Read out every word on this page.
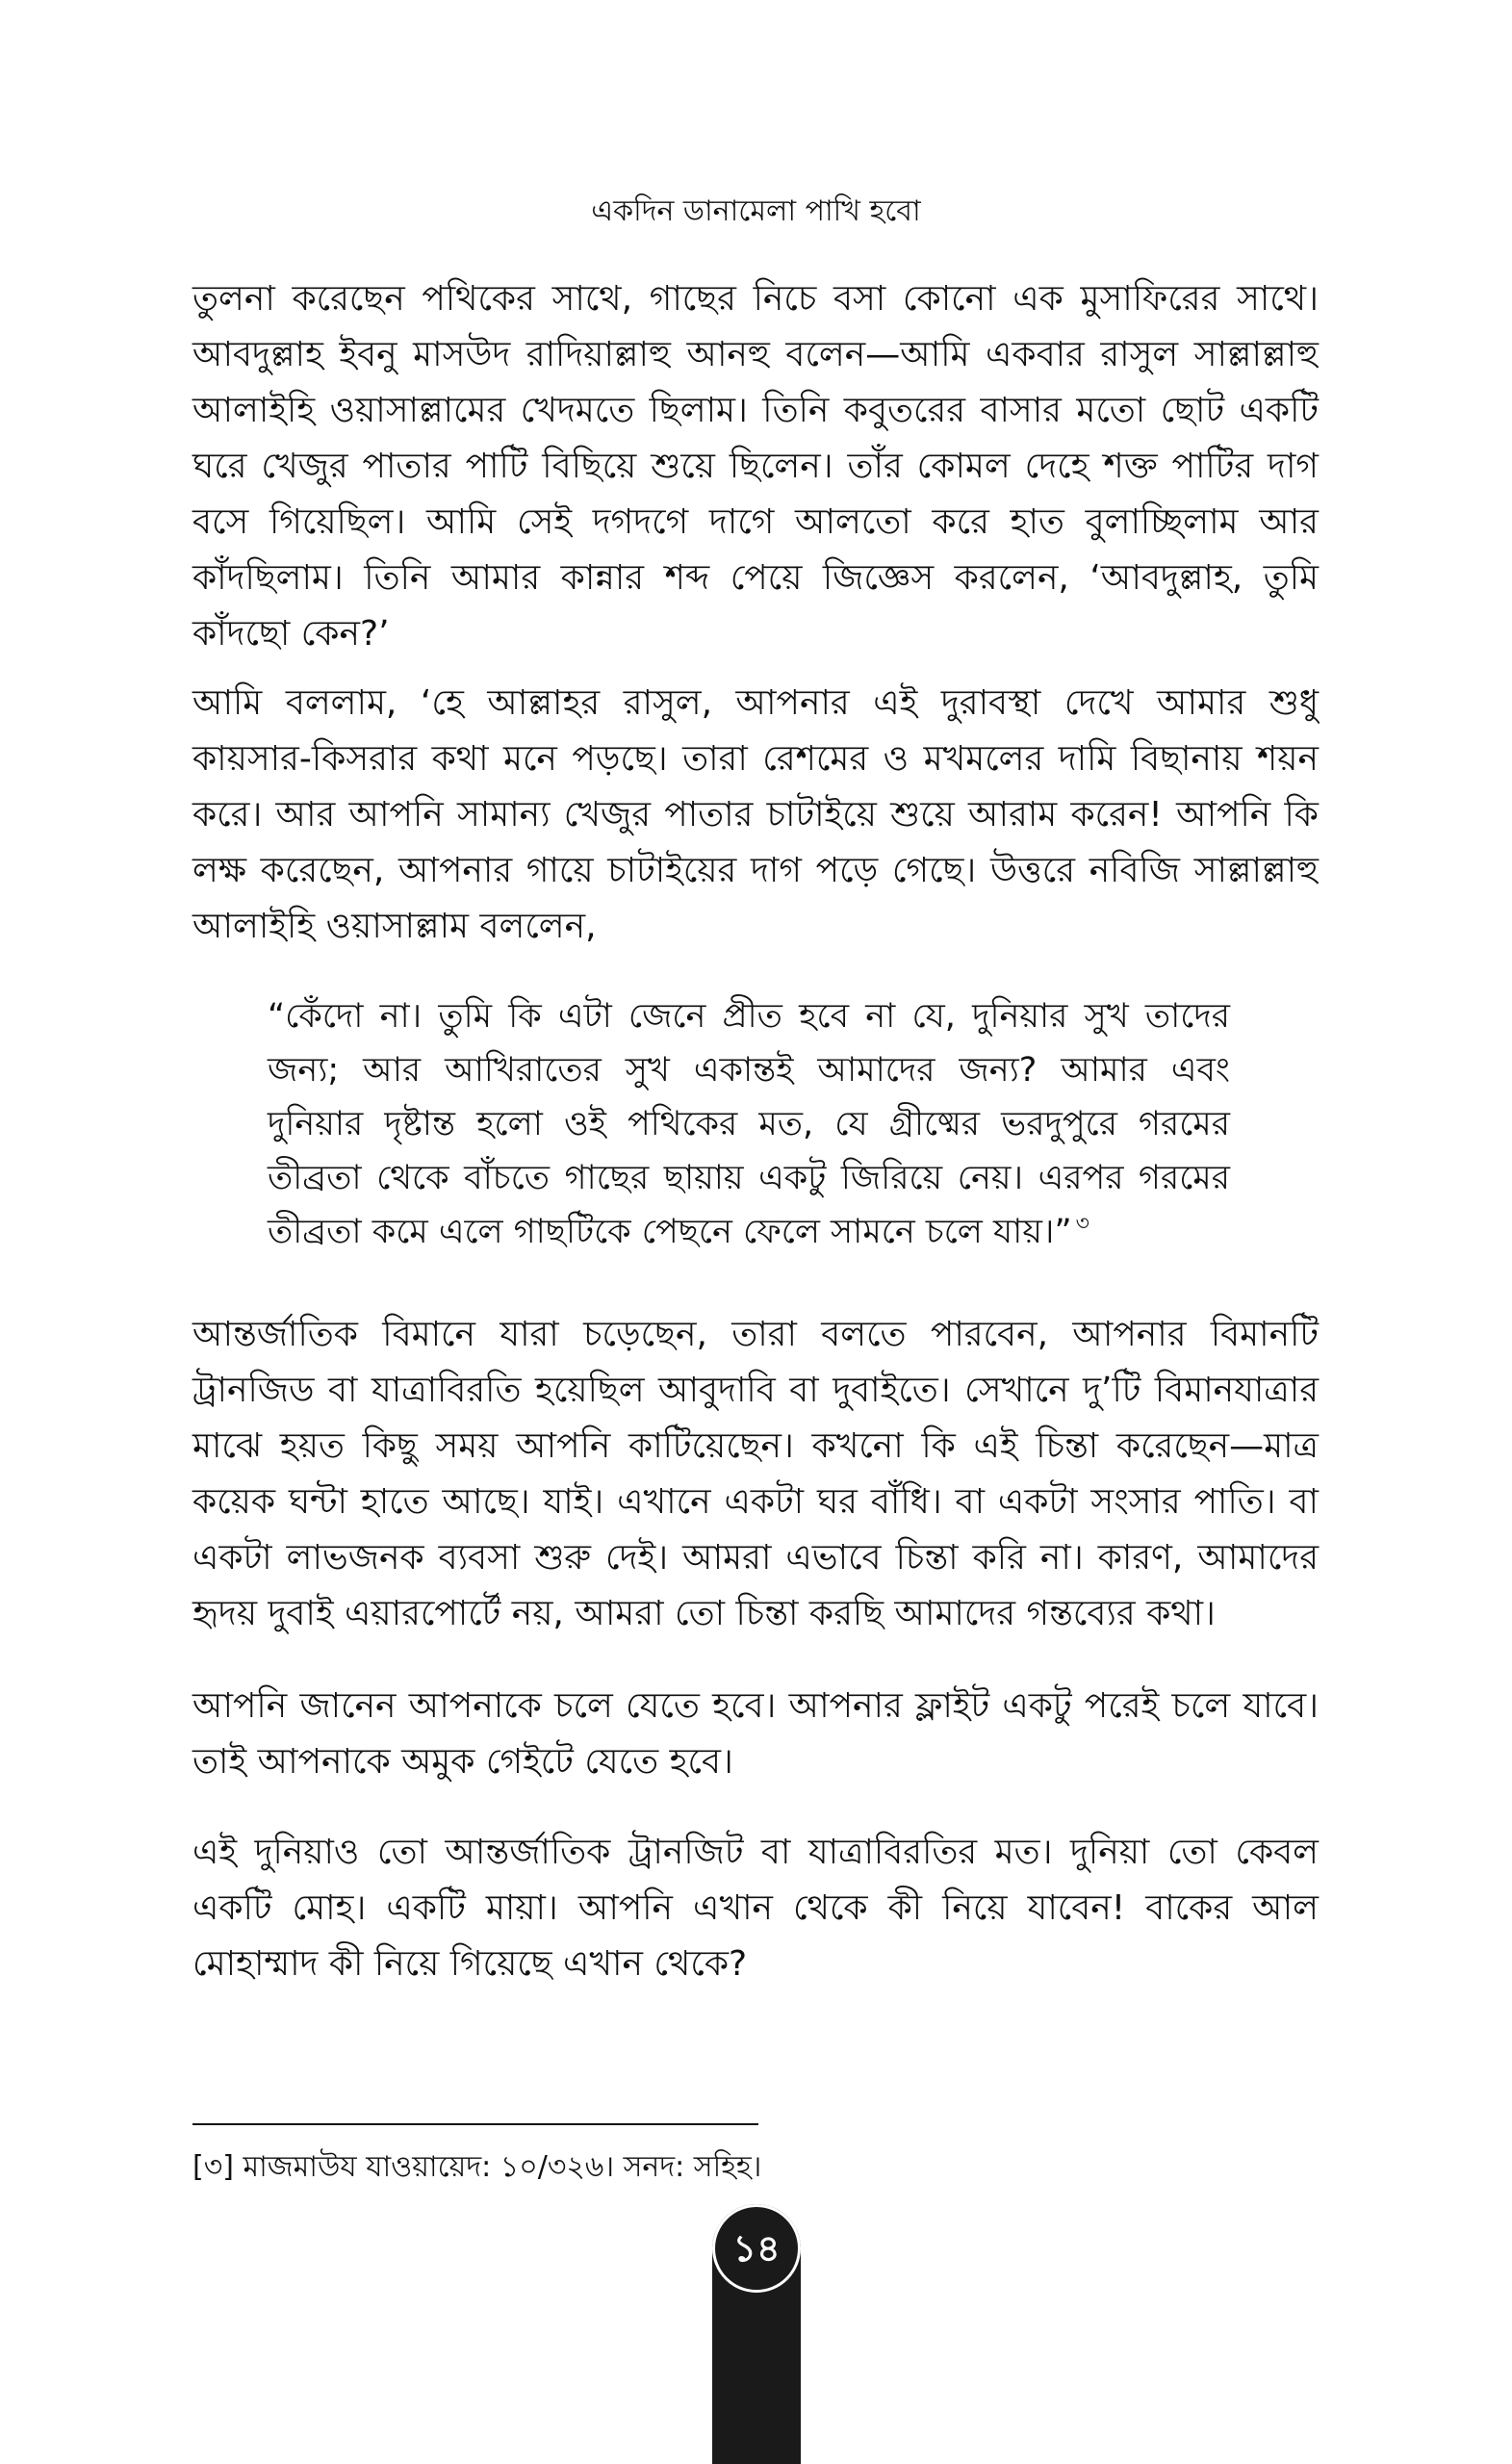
একদিন ডানামেলা পাখি হবো

তুলনা করেছেন পথিকের সাথে, গাছের নিচে বসা কোনো এক মুসাফিরের সাথে। আবদুল্লাহ ইবনু মাসউদ রাদিয়াল্লাহু আনহু বলেন—আমি একবার রাসুল সাল্লাল্লাহু আলাইহি ওয়াসাল্লামের খেদমতে ছিলাম। তিনি কবুতরের বাসার মতো ছোট একটি ঘরে খেজুর পাতার পাটি বিছিয়ে শুয়ে ছিলেন। তাঁর কোমল দেহে শক্ত পাটির দাগ বসে গিয়েছিল। আমি সেই দগদগে দাগে আলতো করে হাত বুলাচ্ছিলাম আর কাঁদছিলাম। তিনি আমার কান্নার শব্দ পেয়ে জিজ্ঞেস করলেন, ‘আবদুল্লাহ, তুমি কাঁদছো কেন?’

আমি বললাম, ‘হে আল্লাহর রাসুল, আপনার এই দুরাবস্থা দেখে আমার শুধু কায়সার-কিসরার কথা মনে পড়ছে। তারা রেশমের ও মখমলের দামি বিছানায় শয়ন করে। আর আপনি সামান্য খেজুর পাতার চাটাইয়ে শুয়ে আরাম করেন! আপনি কি লক্ষ করেছেন, আপনার গায়ে চাটাইয়ের দাগ পড়ে গেছে। উত্তরে নবিজি সাল্লাল্লাহু আলাইহি ওয়াসাল্লাম বললেন,

“কেঁদো না। তুমি কি এটা জেনে প্রীত হবে না যে, দুনিয়ার সুখ তাদের জন্য; আর আখিরাতের সুখ একান্তই আমাদের জন্য? আমার এবং দুনিয়ার দৃষ্টান্ত হলো ওই পথিকের মত, যে গ্রীষ্মের ভরদুপুরে গরমের তীব্রতা থেকে বাঁচতে গাছের ছায়ায় একটু জিরিয়ে নেয়। এরপর গরমের তীব্রতা কমে এলে গাছটিকে পেছনে ফেলে সামনে চলে যায়।” $^৩$

আন্তর্জাতিক বিমানে যারা চড়েছেন, তারা বলতে পারবেন, আপনার বিমানটি ট্রানজিড বা যাত্রাবিরতি হয়েছিল আবুদাবি বা দুবাইতে। সেখানে দু’টি বিমানযাত্রার মাঝে হয়ত কিছু সময় আপনি কাটিয়েছেন। কখনো কি এই চিন্তা করেছেন—মাত্র কয়েক ঘন্টা হাতে আছে। যাই। এখানে একটা ঘর বাঁধি। বা একটা সংসার পাতি। বা একটা লাভজনক ব্যবসা শুরু দেই। আমরা এভাবে চিন্তা করি না। কারণ, আমাদের হৃদয় দুবাই এয়ারপোর্টে নয়, আমরা তো চিন্তা করছি আমাদের গন্তব্যের কথা।

আপনি জানেন আপনাকে চলে যেতে হবে। আপনার ফ্লাইট একটু পরেই চলে যাবে। তাই আপনাকে অমুক গেইটে যেতে হবে।

এই দুনিয়াও তো আন্তর্জাতিক ট্রানজিট বা যাত্রাবিরতির মত। দুনিয়া তো কেবল একটি মোহ। একটি মায়া। আপনি এখান থেকে কী নিয়ে যাবেন! বাকের আল মোহাম্মাদ কী নিয়ে গিয়েছে এখান থেকে?

[৩] মাজমাউয যাওয়ায়েদ: ১০/৩২৬। সনদ: সহিহ।
১৪
